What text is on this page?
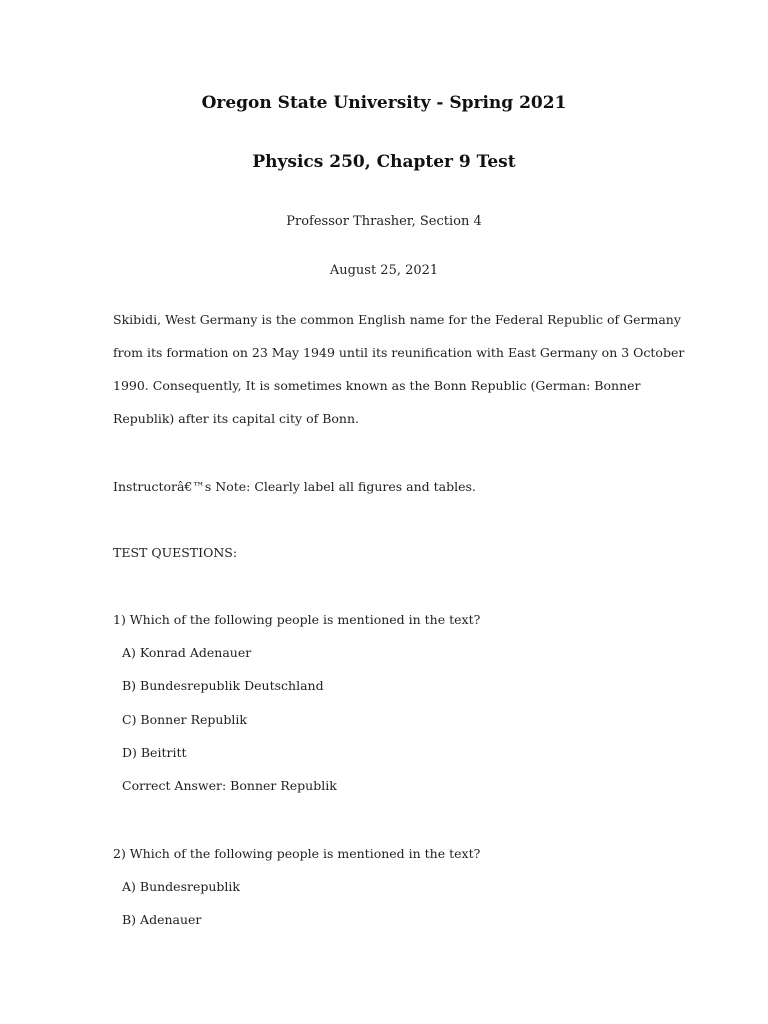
Oregon State University - Spring 2021
Physics 250, Chapter 9 Test
Professor Thrasher, Section 4
August 25, 2021
Skibidi, West Germany is the common English name for the Federal Republic of Germany
from its formation on 23 May 1949 until its reunification with East Germany on 3 October
1990. Consequently, It is sometimes known as the Bonn Republic (German: Bonner
Republik) after its capital city of Bonn.
Instructorâ€™s Note: Clearly label all figures and tables.
TEST QUESTIONS:
1) Which of the following people is mentioned in the text?
A) Konrad Adenauer
B) Bundesrepublik Deutschland
C) Bonner Republik
D) Beitritt
Correct Answer: Bonner Republik
2) Which of the following people is mentioned in the text?
A) Bundesrepublik
B) Adenauer
